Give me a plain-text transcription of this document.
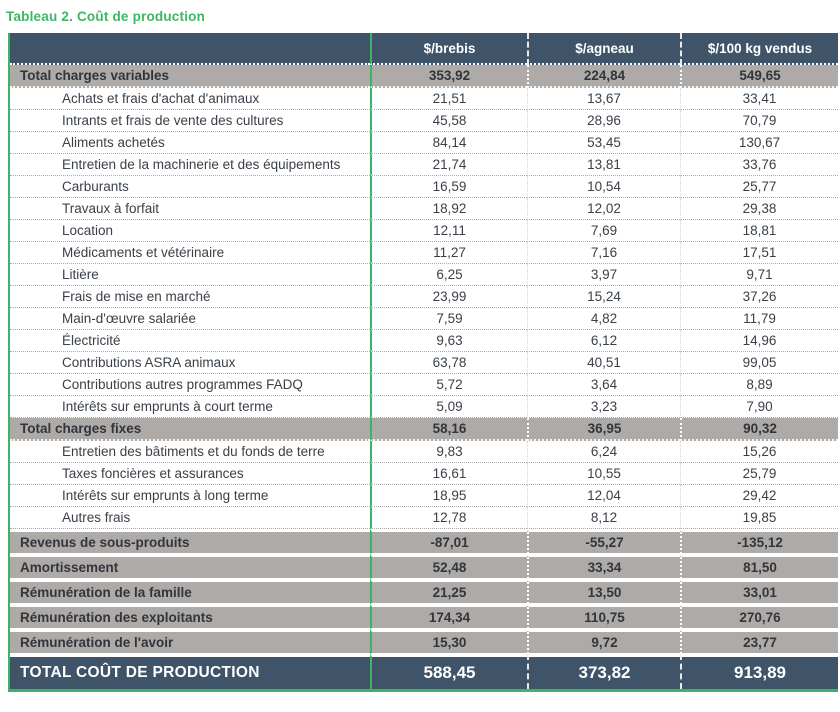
Tableau 2. Coût de production
	$/brebis	$/agneau	$/100 kg vendus
Total charges variables	353,92	224,84	549,65
Achats et frais d'achat d'animaux	21,51	13,67	33,41
Intrants et frais de vente des cultures	45,58	28,96	70,79
Aliments achetés	84,14	53,45	130,67
Entretien de la machinerie et des équipements	21,74	13,81	33,76
Carburants	16,59	10,54	25,77
Travaux à forfait	18,92	12,02	29,38
Location	12,11	7,69	18,81
Médicaments et vétérinaire	11,27	7,16	17,51
Litière	6,25	3,97	9,71
Frais de mise en marché	23,99	15,24	37,26
Main-d'œuvre salariée	7,59	4,82	11,79
Électricité	9,63	6,12	14,96
Contributions ASRA animaux	63,78	40,51	99,05
Contributions autres programmes FADQ	5,72	3,64	8,89
Intérêts sur emprunts à court terme	5,09	3,23	7,90
Total charges fixes	58,16	36,95	90,32
Entretien des bâtiments et du fonds de terre	9,83	6,24	15,26
Taxes foncières et assurances	16,61	10,55	25,79
Intérêts sur emprunts à long terme	18,95	12,04	29,42
Autres frais	12,78	8,12	19,85
Revenus de sous-produits	-87,01	-55,27	-135,12
Amortissement	52,48	33,34	81,50
Rémunération de la famille	21,25	13,50	33,01
Rémunération des exploitants	174,34	110,75	270,76
Rémunération de l'avoir	15,30	9,72	23,77
TOTAL COÛT DE PRODUCTION	588,45	373,82	913,89
